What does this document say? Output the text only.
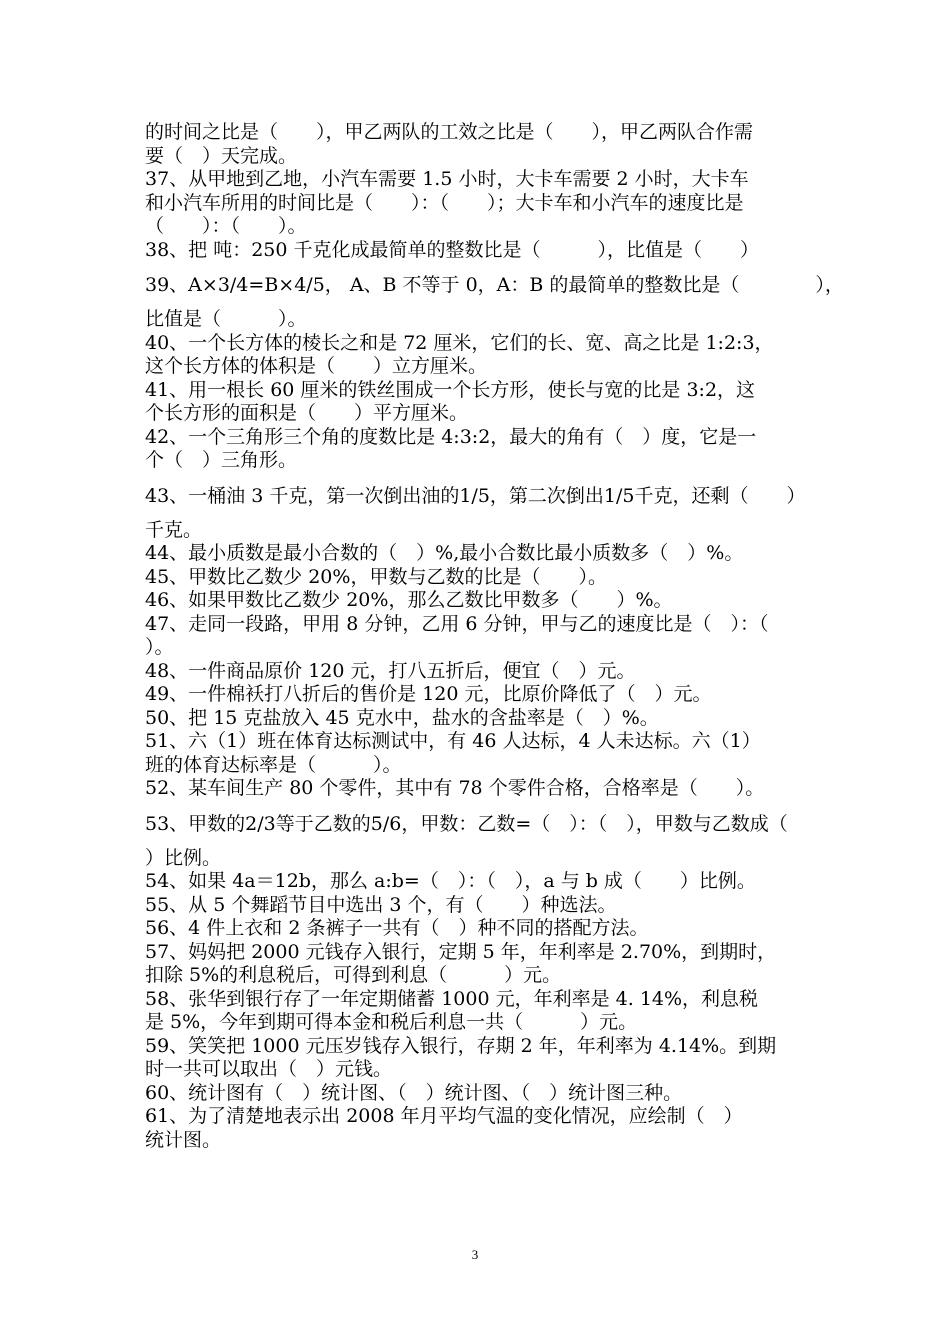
的时间之比是（　　），甲乙两队的工效之比是（　　），甲乙两队合作需
要（　）天完成。
37、从甲地到乙地，小汽车需要 1.5 小时，大卡车需要 2 小时，大卡车
和小汽车所用的时间比是（　　）：（　　）；大卡车和小汽车的速度比是
（　　）：（　　）。
38、把 吨：250 千克化成最简单的整数比是（　　　），比值是（　　）
39、A×3/4=B×4/5， A、B 不等于 0，A：B 的最简单的整数比是（　　　　），
比值是（　　　）。
40、一个长方体的棱长之和是 72 厘米，它们的长、宽、高之比是 1:2:3，
这个长方体的体积是（　　）立方厘米。
41、用一根长 60 厘米的铁丝围成一个长方形，使长与宽的比是 3:2，这
个长方形的面积是（　　）平方厘米。
42、一个三角形三个角的度数比是 4:3:2，最大的角有（　）度，它是一
个（　）三角形。
43、一桶油 3 千克，第一次倒出油的1/5，第二次倒出1/5千克，还剩（　　）
千克。
44、最小质数是最小合数的（　）%,最小合数比最小质数多（　）%。
45、甲数比乙数少 20%，甲数与乙数的比是（　　）。
46、如果甲数比乙数少 20%，那么乙数比甲数多（　　）%。
47、走同一段路，甲用 8 分钟，乙用 6 分钟，甲与乙的速度比是（　）：（
）。
48、一件商品原价 120 元，打八五折后，便宜（　）元。
49、一件棉袄打八折后的售价是 120 元，比原价降低了（　）元。
50、把 15 克盐放入 45 克水中，盐水的含盐率是（　）%。
51、六（1）班在体育达标测试中，有 46 人达标，4 人未达标。六（1）
班的体育达标率是（　　　）。
52、某车间生产 80 个零件，其中有 78 个零件合格，合格率是（　　）。
53、甲数的2/3等于乙数的5/6，甲数：乙数=（　）：（　），甲数与乙数成（
）比例。
54、如果 4a＝12b，那么 a:b=（　）：（　），a 与 b 成（　　）比例。
55、从 5 个舞蹈节目中选出 3 个，有（　　）种选法。
56、4 件上衣和 2 条裤子一共有（　）种不同的搭配方法。
57、妈妈把 2000 元钱存入银行，定期 5 年，年利率是 2.70%，到期时，
扣除 5%的利息税后，可得到利息（　　　）元。
58、张华到银行存了一年定期储蓄 1000 元，年利率是 4. 14%，利息税
是 5%，今年到期可得本金和税后利息一共（　　　）元。
59、笑笑把 1000 元压岁钱存入银行，存期 2 年，年利率为 4.14%。到期
时一共可以取出（　）元钱。
60、统计图有（　）统计图、（　）统计图、（　）统计图三种。
61、为了清楚地表示出 2008 年月平均气温的变化情况，应绘制（　）
统计图。
3
